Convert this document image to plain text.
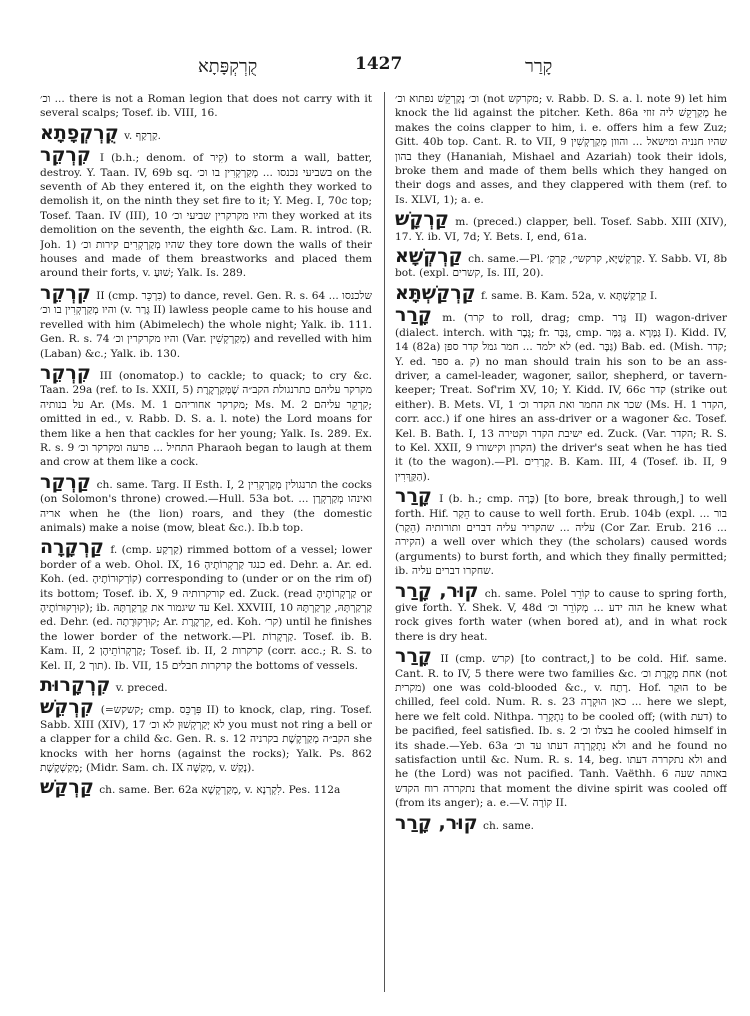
קֻרְקְפָּתָא	1427	קָרַר
וכ׳ ... there is not a Roman legion that does not carry with it several scalps; Tosef. ib. VIII, 16.
קֻרְקְפָתָא v. קַרְקַף.
קִרְקֵר I (b.h.; denom. of קִיר) to storm a wall, batter, destroy. Y. Taan. IV, 69b sq. בשביעי נכנסו ... מְקַרְקְרִין בו וכ׳ on the seventh of Ab they entered it, on the eighth they worked to demolish it, on the ninth they set fire to it; Y. Meg. I, 70c top; Tosef. Taan. IV (III), 10 והיו מקרקרין שביעי וכ׳ they worked at its demolition on the seventh, the eighth &c. Lam. R. introd. (R. Joh. 1) שהיו מְקַרְקְרִים קירות וכ׳ they tore down the walls of their houses and made of them breastworks and placed them around their forts, v. שׁוּעַ; Yalk. Is. 289.
קִרְקֵר II (cmp. כִּרְכֵּר) to dance, revel. Gen. R. s. 64 שלכנסו ... והיו מְקַרְקְרִין בו וכ׳ (v. גָּרַר II) lawless people came to his house and revelled with him (Abimelech) the whole night; Yalk. ib. 111. Gen. R. s. 74 והיו מקרקרין וכ׳ (Var. מְקַרְקְשִׁין) and revelled with him (Laban) &c.; Yalk. ib. 130.
קִרְקֵר III (onomatop.) to cackle; to quack; to cry &c. Taan. 29a (ref. to Is. XXII, 5) מקרקר עליהם כתרנגולת הקב״ה שֶׁמְּקַרְקֶרֶת על בנותיה Ar. (Ms. M. 1 מקרקר אחוריהם; Ms. M. 2 קִרְקֵר עליהם; omitted in ed., v. Rabb. D. S. a. l. note) the Lord moans for them like a hen that cackles for her young; Yalk. Is. 289. Ex. R. s. 9 התחיל ... פרעה ומקרקר וכ׳ Pharaoh began to laugh at them and crow at them like a cock.
קַרְקַר ch. same. Targ. II Esth. I, 2 תרנגולין מְקַרְקְרִין the cocks (on Solomon's throne) crowed.—Hull. 53a bot. ... ואינהו מְקַרְקְרָן אריה when he (the lion) roars, and they (the domestic animals) make a noise (mow, bleat &c.). Ib.b top.
קַרְקָרָה f. (cmp. קַרְקַע) rimmed bottom of a vessel; lower border of a web. Ohol. IX, 16 כנגד קַרְקְרוֹתָיהָ ed. Dehr. a. Ar. ed. Koh. (ed. קוֹרְקוּרוֹתֶיהָ) corresponding to (under or on the rim of) its bottom; Tosef. ib. X, 9 קורקרותיה ed. Zuck. (read קַרְקְרוֹתֶיהָ or קוּרְקוּרוֹתֶיהָ); ib. עד שיגמור את קַרְקַרְתָּהּ Kel. XXVIII, 10 קַרְקַרְתָּהּ, קִרְקַרְתָּהּ ed. Dehr. (ed. קוּרְקוּרֶתָה; Ar. קִרְקֶרֶת, ed. Koh. קר׳) until he finishes the lower border of the network.—Pl. קַרְקָרוֹת. Tosef. ib. B. Kam. II, 2 קַרְקְרוֹתֵיהֶן; Tosef. ib. II, 2 קרקרות (corr. acc.; R. S. to Kel. II, 2 תוך). Ib. VII, 15 קרקרות חבלים the bottoms of vessels.
קִרְקָרוּת v. preced.
קִרְקֵשׁ (=קשקש; cmp. פִּרְכֵּס II) to knock, clap, ring. Tosef. Sabb. XIII (XIV), 17 לא יְקַרְקְשׁוּן לא וכ׳ you must not ring a bell or a clapper for a child &c. Gen. R. s. 12 הקב״ה מְקַרְקֶשֶׁת בקרניה she knocks with her horns (against the rocks); Yalk. Ps. 862 מְקַשְׁקֶשֶׁת; (Midr. Sam. ch. IX מְקַשָּׁה, v. נָקַשׁ).
קַרְקַשׁ ch. same. Ber. 62a מְקַרְקְשָׁא, v. לִקְרְנָא. Pes. 112a
וכ׳ נָקַרְקֵשׁ נפתוא וכ׳ (not מקרקש; v. Rabb. D. S. a. l. note 9) let him knock the lid against the pitcher. Keth. 86a מְקַרְקֵשׁ ליה זוזי he makes the coins clapper to him, i. e. offers him a few Zuz; Gitt. 40b top. Cant. R. to VII, 9 שהיו חנניה ומישאל ... והוון מְקַרְקְשִׁין בהון they (Hananiah, Mishael and Azariah) took their idols, broke them and made of them bells which they hanged on their dogs and asses, and they clappered with them (ref. to Is. XLVI, 1); a. e.
קַרְקָשׁ m. (preced.) clapper, bell. Tosef. Sabb. XIII (XIV), 17. Y. ib. VI, 7d; Y. Bets. I, end, 61a.
קַרְקְשָׁא ch. same.—Pl. קַרְקְשַׁיָּא, קרקשי׳, קַרְקַ׳. Y. Sabb. VI, 8b bot. (expl. קשרים, Is. III, 20).
קַרְקַשְׁתָּא f. same. B. Kam. 52a, v. קַרְקַשְׁתָּא I.
קָרַר m. (קרר to roll, drag; cmp. גָּרַר II) wagon-driver (dialect. interch. with גָּבָר; fr. גַּבָּר, cmp. גַּמָּר a. גַּמָּרָא I). Kidd. IV, 14 (82a) לא ילמד ... חמר גמל קדר ספן (ed. גַּבָּר) Bab. ed. (Mish. קדר; Y. ed. ספר a. ק) no man should train his son to be an ass-driver, a camel-leader, wagoner, sailor, shepherd, or tavern-keeper; Treat. Sof'rim XV, 10; Y. Kidd. IV, 66c קדר (strike out either). B. Mets. VI, 1 שכר את החמר ואת הקדר וכ׳ (Ms. H. 1 הקדר, corr. acc.) if one hires an ass-driver or a wagoner &c. Tosef. Kel. B. Bath. I, 13 ישיבת הקדר וקטירה ed. Zuck. (Var. הקדר; R. S. to Kel. XXII, 9 הקרון וקישורו) the driver's seat when he has tied it (to the wagon).—Pl. קָרָרִים. B. Kam. III, 4 (Tosef. ib. II, 9 הַקַּרָּרִין).
קָרַר I (b. h.; cmp. כָּרָה) [to bore, break through,] to well forth. Hif. הֵקַר to cause to well forth. Erub. 104b (expl. בור ... עליה ... שהקריר עליה דברים ותורותיה (הֵקַר) (Cor Zar. Erub. 216 ... הקירה) a well over which they (the scholars) caused words (arguments) to burst forth, and which they finally permitted; ib. שחקרו דברים עליה.
קוּר, קָרַר ch. same. Polel קוֹרֵר to cause to spring forth, give forth. Y. Shek. V, 48d הוה ידע ... מְקוֹרֵר וכ׳ he knew what rock gives forth water (when bored at), and in what rock there is dry heat.
קָרַר II (cmp. קרש) [to contract,] to be cold. Hif. same. Cant. R. to IV, 5 there were two families &c. אחת מְקֶרֶת וכ׳ (not מקרית) one was cold-blooded &c., v. רָתַח. Hof. הוּקַר to be chilled, feel cold. Num. R. s. 23 כאן הוּקְרָה ... here we slept, here we felt cold. Nithpa. נִתְקָרֵר to be cooled off; (with דעת) to be pacified, feel satisfied. Ib. s. 2 בצלו וכ׳ he cooled himself in its shade.—Yeb. 63a ולא נִתְקָרְרָה דעתו עד וכ׳ and he found no satisfaction until &c. Num. R. s. 14, beg. ולא נתקררה דעתו and he (the Lord) was not pacified. Tanh. Vaëthh. 6 באותה שעה נתקררה רוח הקדש that moment the divine spirit was cooled off (from its anger); a. e.—V. קוֹרָה II.
קוּר, קָרַר ch. same.
